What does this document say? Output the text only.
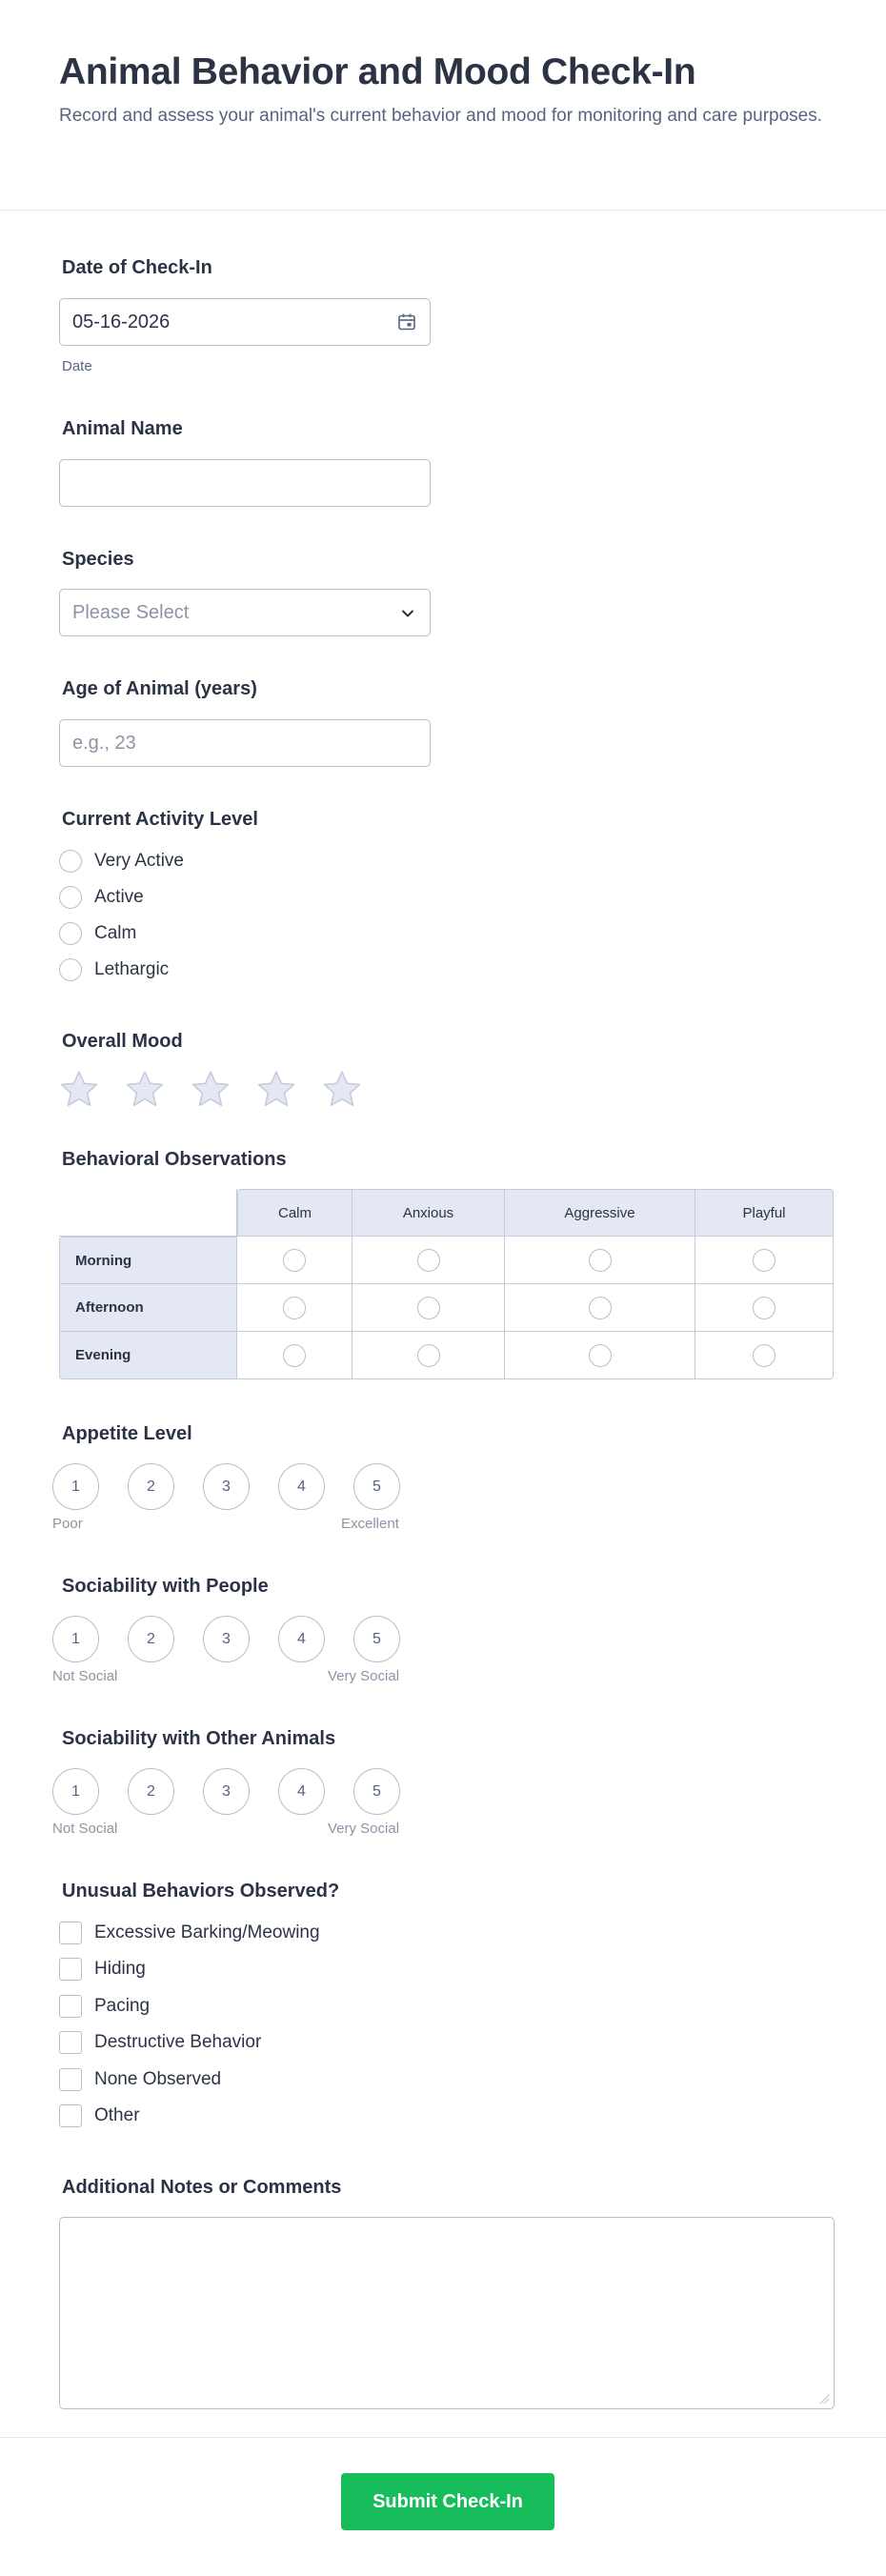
Animal Behavior and Mood Check-In

Record and assess your animal's current behavior and mood for monitoring and care purposes.

Date of Check-In
05-16-2026
Date
Animal Name
Species
Please Select
Age of Animal (years)
e.g., 23
Current Activity Level
Very Active
Active
Calm
Lethargic
Overall Mood
Behavioral Observations
	Calm	Anxious	Aggressive	Playful
Morning				
Afternoon				
Evening				
Appetite Level
1	2	3	4	5
Poor	Excellent
Sociability with People
1	2	3	4	5
Not Social	Very Social
Sociability with Other Animals
1	2	3	4	5
Not Social	Very Social
Unusual Behaviors Observed?
Excessive Barking/Meowing
Hiding
Pacing
Destructive Behavior
None Observed
Other
Additional Notes or Comments
Submit Check-In
